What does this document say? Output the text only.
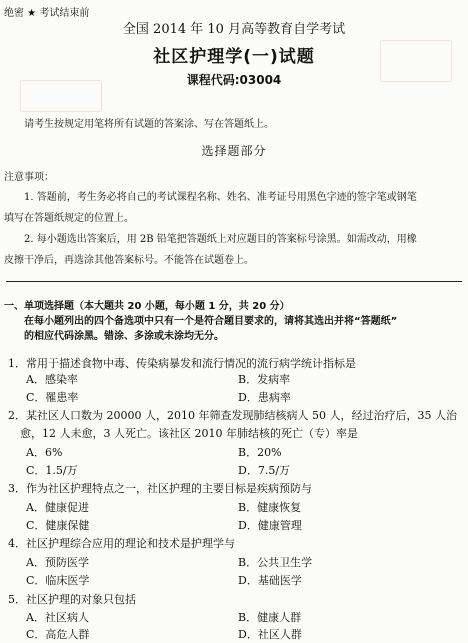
绝密 ★ 考试结束前
全国 2014 年 10 月高等教育自学考试
社区护理学(一)试题
课程代码:03004
请考生按规定用笔将所有试题的答案涂、写在答题纸上。
选择题部分
注意事项：
1. 答题前，考生务必将自己的考试课程名称、姓名、准考证号用黑色字迹的签字笔或钢笔
填写在答题纸规定的位置上。
2. 每小题选出答案后，用 2B 铅笔把答题纸上对应题目的答案标号涂黑。如需改动，用橡
皮擦干净后，再选涂其他答案标号。不能答在试题卷上。
一、单项选择题（本大题共 20 小题，每小题 1 分，共 20 分）
在每小题列出的四个备选项中只有一个是符合题目要求的，请将其选出并将“答题纸”
的相应代码涂黑。错涂、多涂或未涂均无分。
1．常用于描述食物中毒、传染病暴发和流行情况的流行病学统计指标是
A．感染率	B．发病率
C．罹患率	D．患病率
2．某社区人口数为 20000 人，2010 年筛查发现肺结核病人 50 人，经过治疗后，35 人治
愈，12 人未愈，3 人死亡。该社区 2010 年肺结核的死亡（专）率是
A．6%	B．20%
C．1.5/万	D．7.5/万
3．作为社区护理特点之一，社区护理的主要目标是疾病预防与
A．健康促进	B．健康恢复
C．健康保健	D．健康管理
4．社区护理综合应用的理论和技术是护理学与
A．预防医学	B．公共卫生学
C．临床医学	D．基础医学
5．社区护理的对象只包括
A．社区病人	B．健康人群
C．高危人群	D．社区人群
